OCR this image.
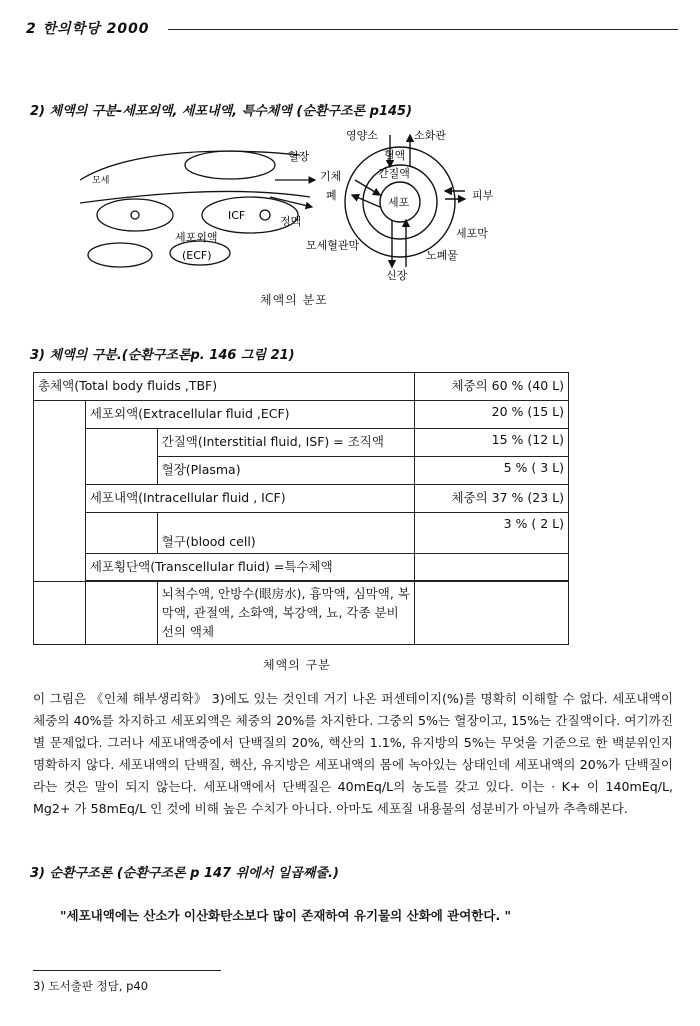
2 한의학당 2000
2) 체액의 구분-세포외액, 세포내액, 특수체액 (순환구조론 p145)
모세
혈장
ICF	정맥
세포외액
(ECF)
영양소	소화관
혈액
기체	간질액
폐
세포
피부
세포막
모세혈관막
노폐물
신장
체액의 분포
3) 체액의 구분.(순환구조론p. 146 그림 21)
총체액(Total body fluids ,TBF)			체중의 60 % (40 L)
	세포외액(Extracellular fluid ,ECF)		20 % (15 L)
		간질액(Interstitial fluid, ISF) = 조직액	15 % (12 L)
		혈장(Plasma)	5 % ( 3 L)
	세포내액(Intracellular fluid , ICF)		체중의 37 % (23 L)
		혈구(blood cell)	3 % ( 2 L)
	세포횡단액(Transcellular fluid) =특수체액		
		뇌척수액, 안방수(眼房水), 흉막액, 심막액, 복막액, 관절액, 소화액, 복강액, 뇨, 각종 분비선의 액체	
체액의 구분
이 그림은 《인체 해부생리학》 3)에도 있는 것인데 거기 나온 퍼센테이지(%)를 명확히 이해할 수 없다. 세포내액이 체중의 40%를 차지하고 세포외액은 체중의 20%를 차지한다. 그중의 5%는 혈장이고, 15%는 간질액이다. 여기까진 별 문제없다. 그러나 세포내액중에서 단백질의 20%, 핵산의 1.1%, 유지방의 5%는 무엇을 기준으로 한 백분위인지 명확하지 않다. 세포내액의 단백질, 핵산, 유지방은 세포내액의 몸에 녹아있는 상태인데 세포내액의 20%가 단백질이라는 것은 말이 되지 않는다. 세포내액에서 단백질은 40mEq/L의 농도를 갖고 있다. 이는 · K+ 이 140mEq/L, Mg2+ 가 58mEq/L 인 것에 비해 높은 수치가 아니다. 아마도 세포질 내용물의 성분비가 아닐까 추측해본다.
3) 순환구조론 (순환구조론 p 147 위에서 일곱째줄.)
"세포내액에는 산소가 이산화탄소보다 많이 존재하여 유기물의 산화에 관여한다. "
3) 도서출판 정담, p40
